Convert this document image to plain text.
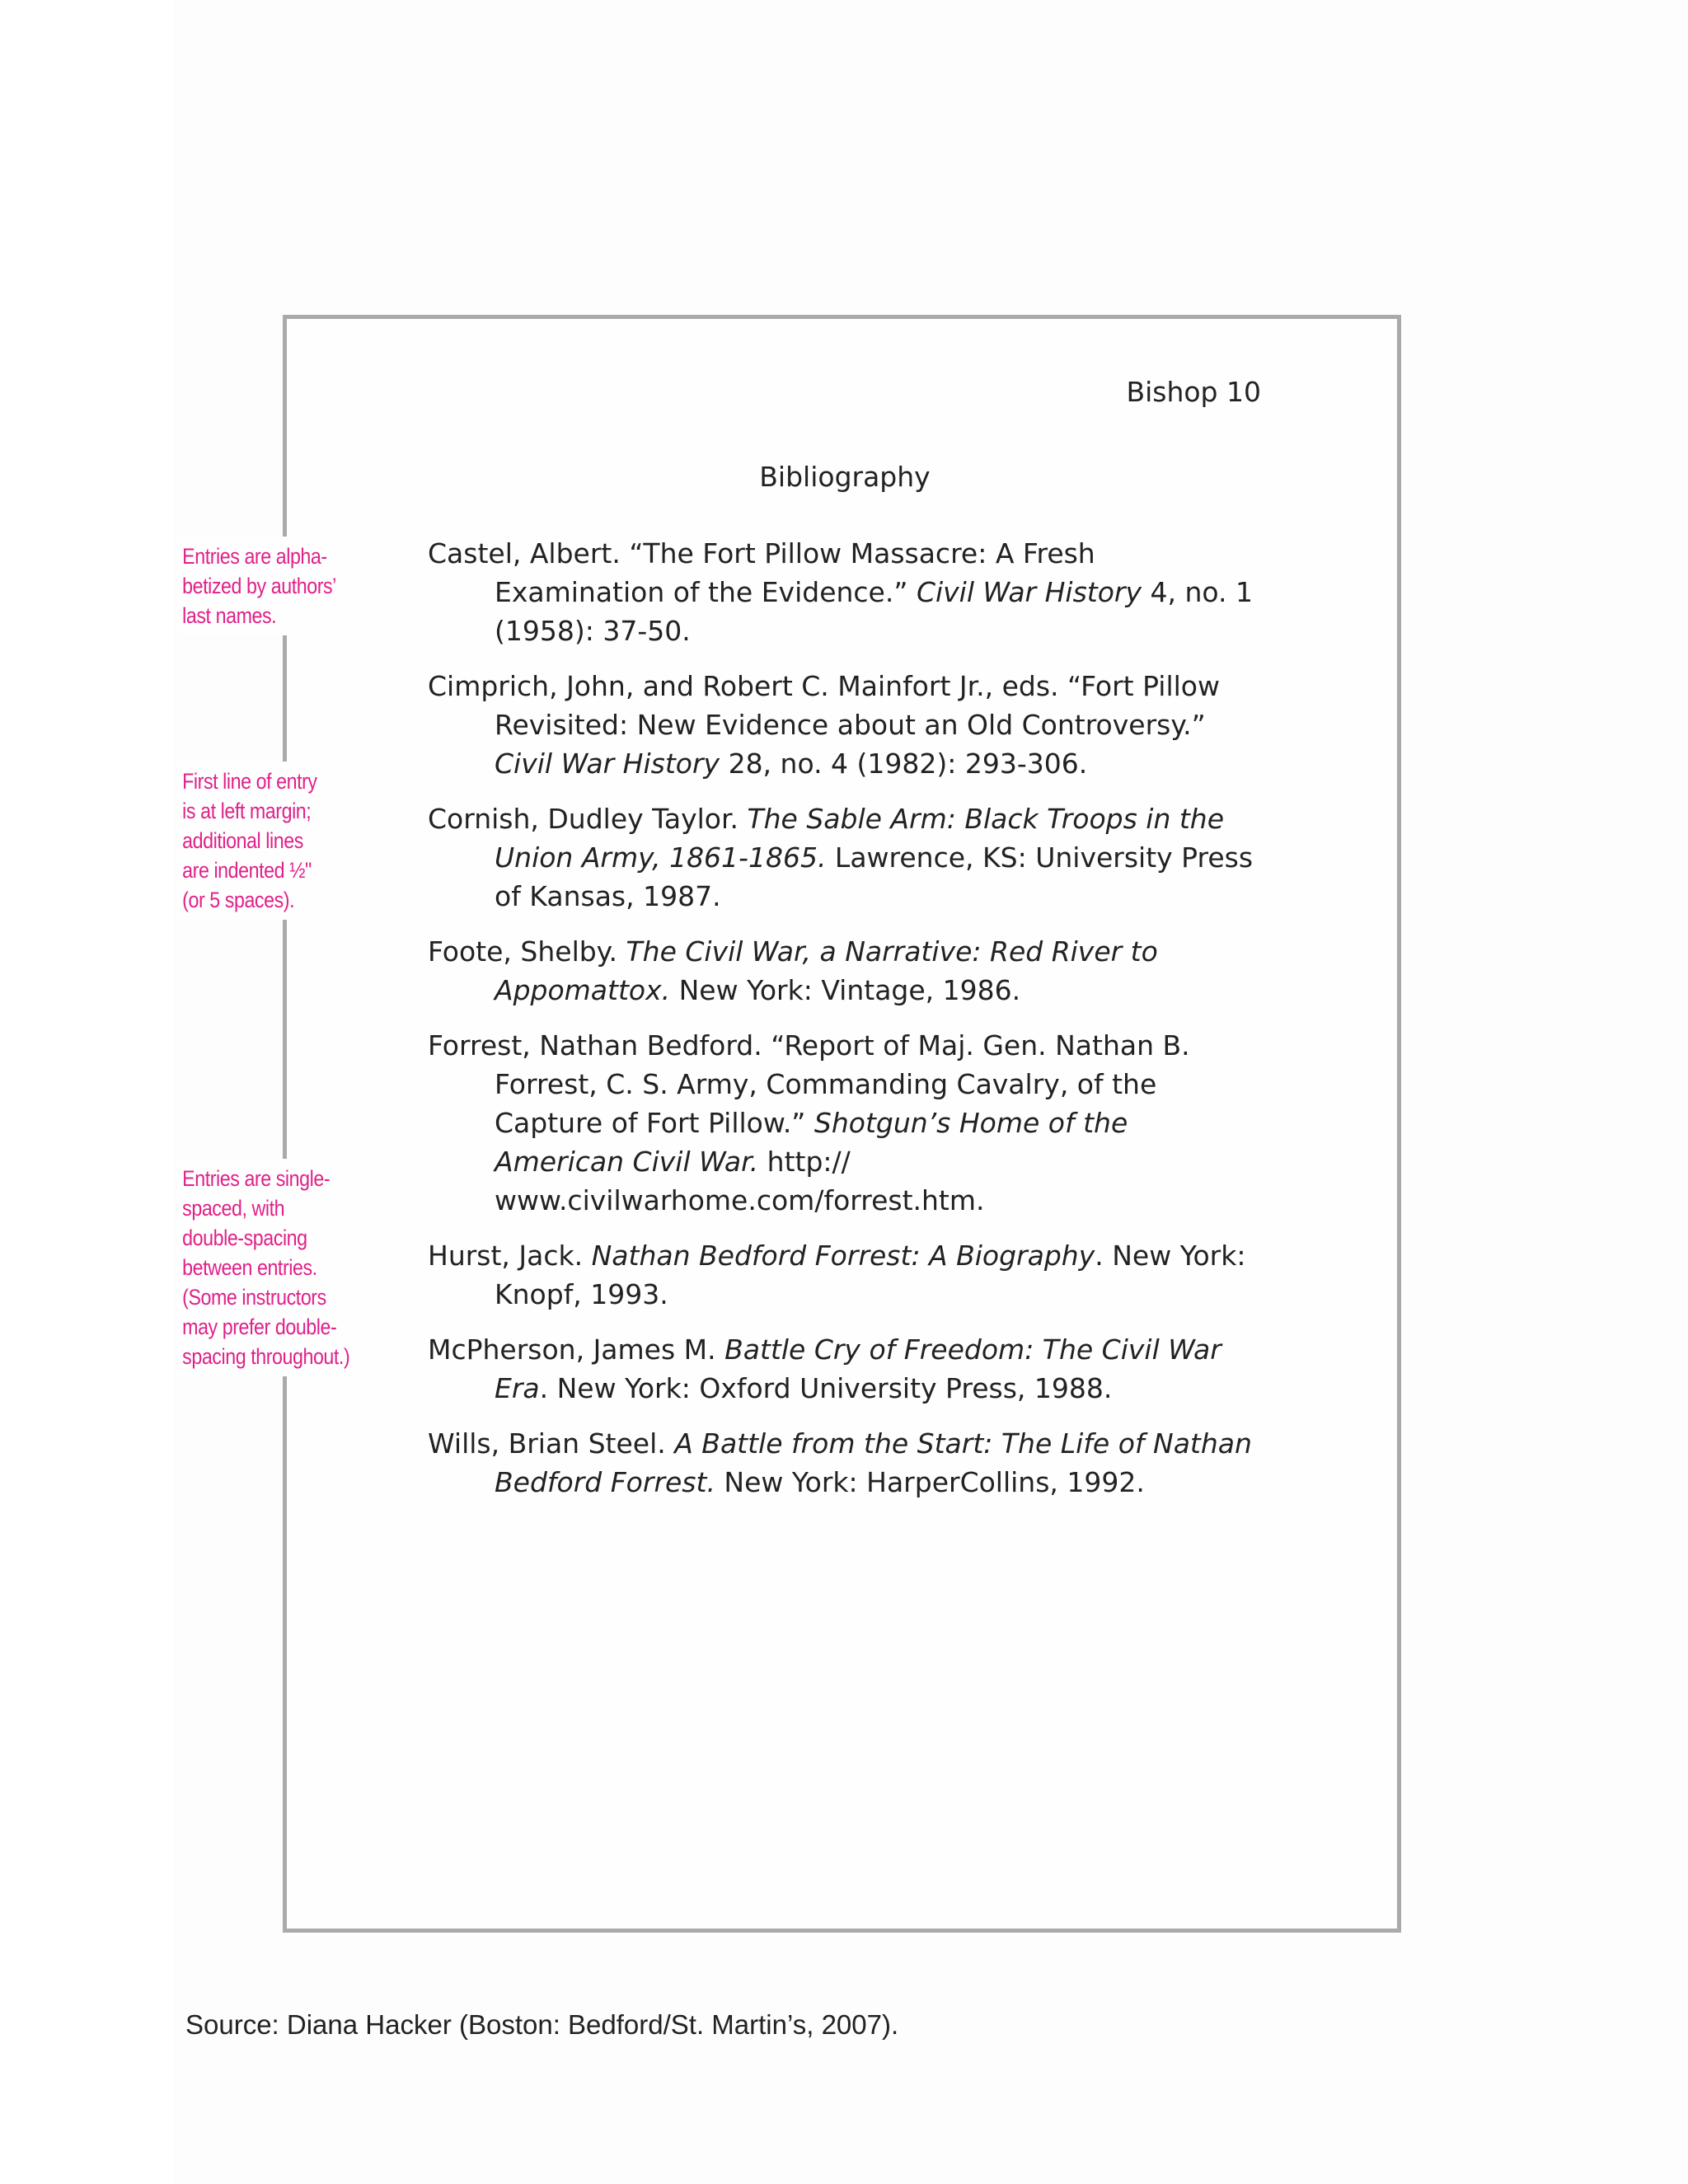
Bishop 10
Bibliography

Castel, Albert. “The Fort Pillow Massacre: A Fresh Examination of the Evidence.” Civil War History 4, no. 1 (1958): 37-50.

Cimprich, John, and Robert C. Mainfort Jr., eds. “Fort Pillow Revisited: New Evidence about an Old Controversy.” Civil War History 28, no. 4 (1982): 293-306.

Cornish, Dudley Taylor. The Sable Arm: Black Troops in the Union Army, 1861-1865. Lawrence, KS: University Press of Kansas, 1987.

Foote, Shelby. The Civil War, a Narrative: Red River to Appomattox. New York: Vintage, 1986.

Forrest, Nathan Bedford. “Report of Maj. Gen. Nathan B. Forrest, C. S. Army, Commanding Cavalry, of the Capture of Fort Pillow.” Shotgun’s Home of the American Civil War. http:// www.civilwarhome.com/forrest.htm.

Hurst, Jack. Nathan Bedford Forrest: A Biography. New York: Knopf, 1993.

McPherson, James M. Battle Cry of Freedom: The Civil War Era. New York: Oxford University Press, 1988.

Wills, Brian Steel. A Battle from the Start: The Life of Nathan Bedford Forrest. New York: HarperCollins, 1992.

Entries are alpha-
betized by authors’
last names.
First line of entry
is at left margin;
additional lines
are indented ½"
(or 5 spaces).
Entries are single-
spaced, with
double-spacing
between entries.
(Some instructors
may prefer double-
spacing throughout.)
Source: Diana Hacker (Boston: Bedford/St. Martin’s, 2007).
